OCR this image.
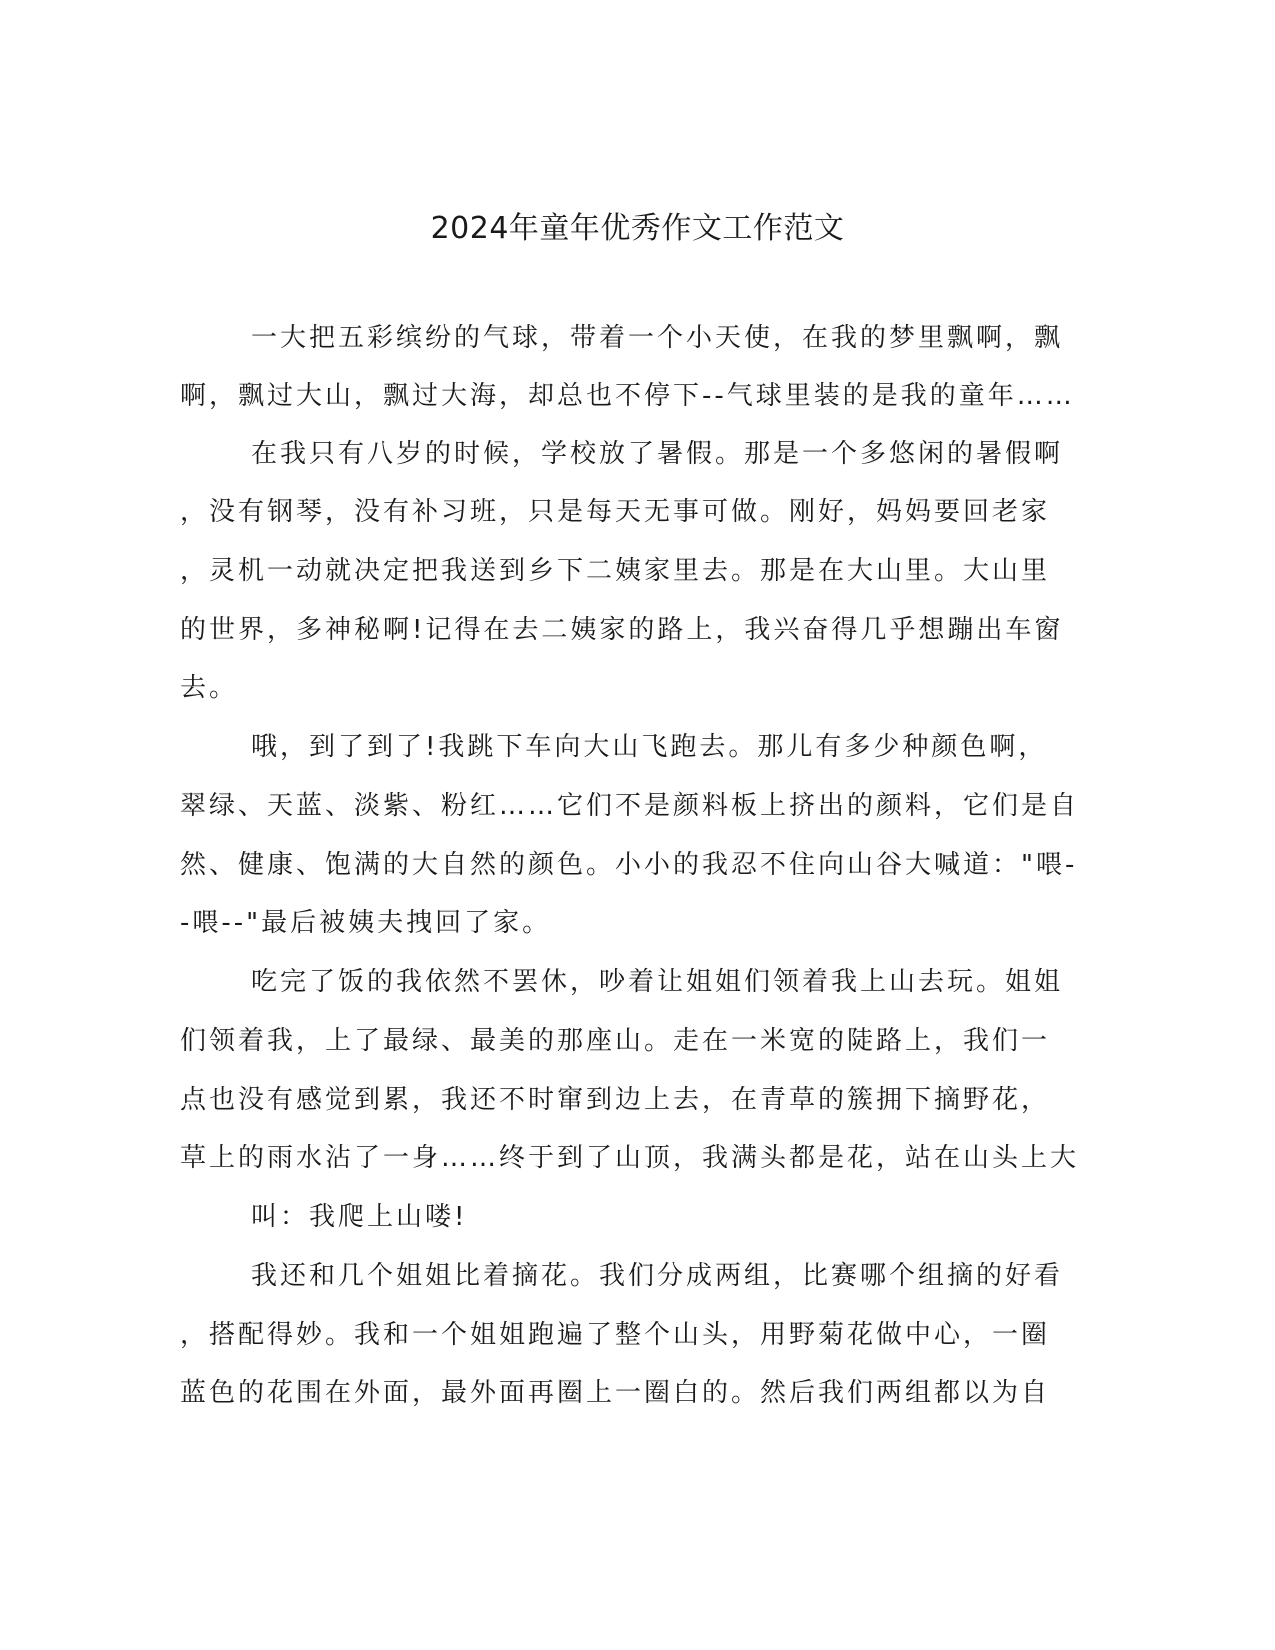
2024年童年优秀作文工作范文

一大把五彩缤纷的气球，带着一个小天使，在我的梦里飘啊，飘

啊，飘过大山，飘过大海，却总也不停下--气球里装的是我的童年……

在我只有八岁的时候，学校放了暑假。那是一个多悠闲的暑假啊

，没有钢琴，没有补习班，只是每天无事可做。刚好，妈妈要回老家

，灵机一动就决定把我送到乡下二姨家里去。那是在大山里。大山里

的世界，多神秘啊!记得在去二姨家的路上，我兴奋得几乎想蹦出车窗

去。

哦，到了到了!我跳下车向大山飞跑去。那儿有多少种颜色啊，

翠绿、天蓝、淡紫、粉红……它们不是颜料板上挤出的颜料，它们是自

然、健康、饱满的大自然的颜色。小小的我忍不住向山谷大喊道："喂-

-喂--"最后被姨夫拽回了家。

吃完了饭的我依然不罢休，吵着让姐姐们领着我上山去玩。姐姐

们领着我，上了最绿、最美的那座山。走在一米宽的陡路上，我们一

点也没有感觉到累，我还不时窜到边上去，在青草的簇拥下摘野花，

草上的雨水沾了一身……终于到了山顶，我满头都是花，站在山头上大

叫：我爬上山喽!

我还和几个姐姐比着摘花。我们分成两组，比赛哪个组摘的好看

，搭配得妙。我和一个姐姐跑遍了整个山头，用野菊花做中心，一圈

蓝色的花围在外面，最外面再圈上一圈白的。然后我们两组都以为自
